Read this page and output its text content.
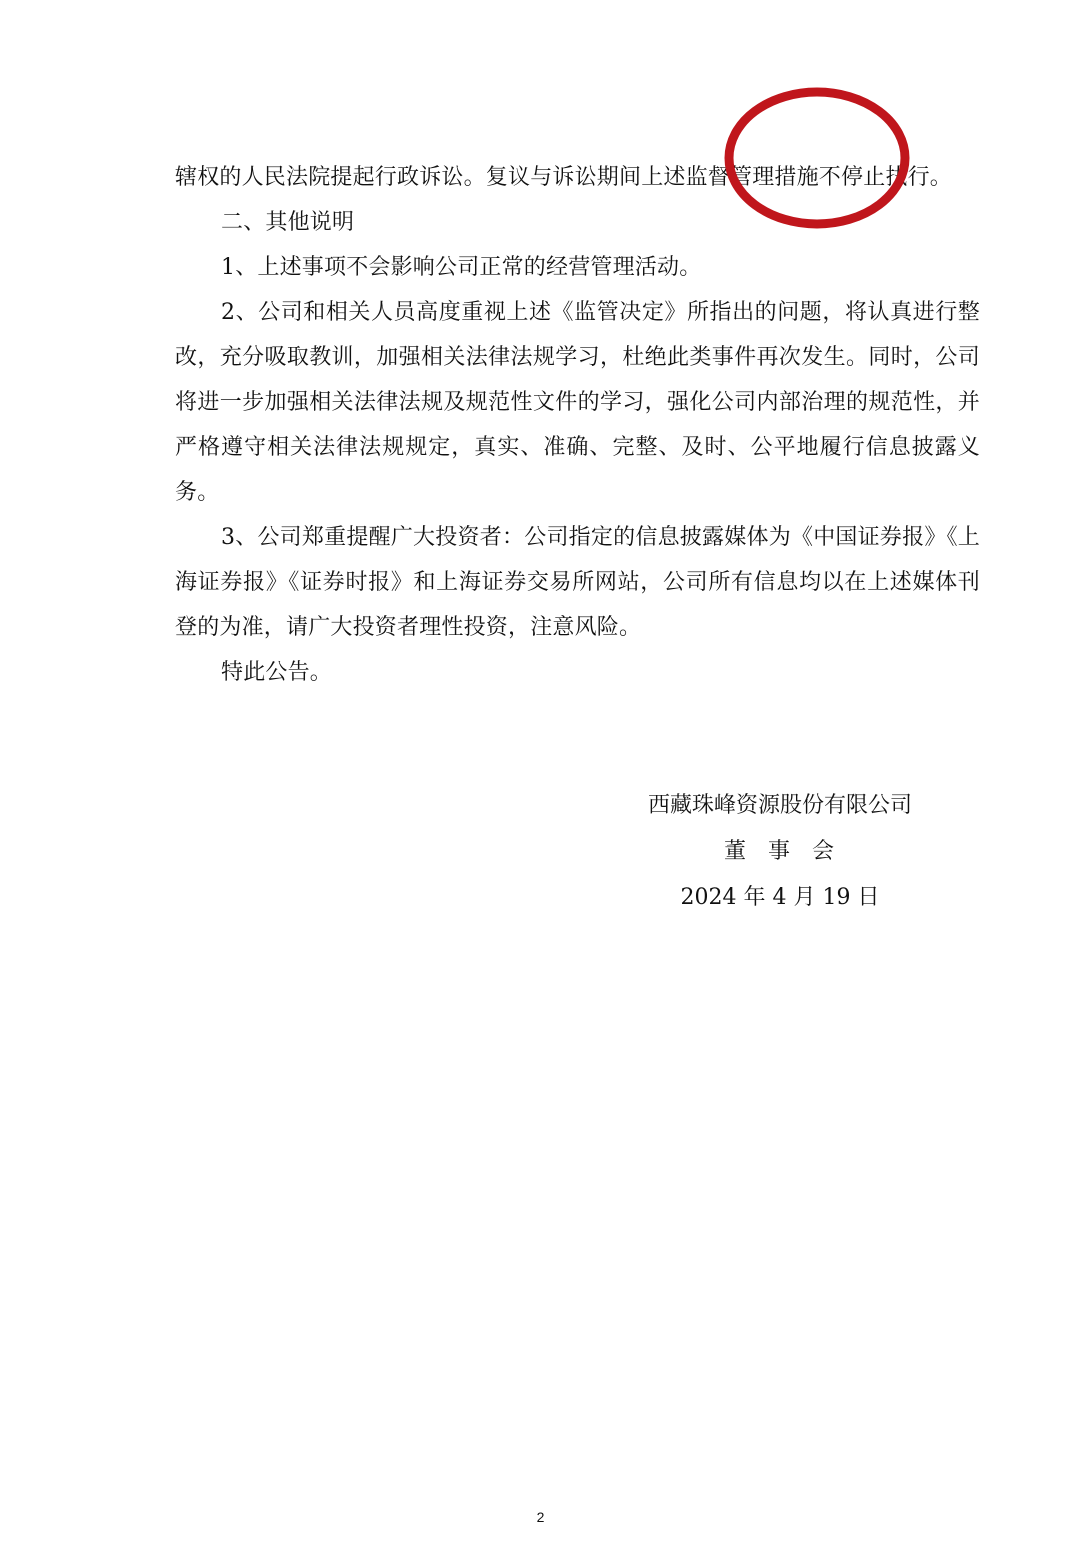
辖权的人民法院提起行政诉讼。复议与诉讼期间上述监督管理措施不停止执行。

二、其他说明

1、上述事项不会影响公司正常的经营管理活动。

2、公司和相关人员高度重视上述《监管决定》所指出的问题，将认真进行整改，充分吸取教训，加强相关法律法规学习，杜绝此类事件再次发生。同时，公司将进一步加强相关法律法规及规范性文件的学习，强化公司内部治理的规范性，并严格遵守相关法律法规规定，真实、准确、完整、及时、公平地履行信息披露义务。

3、公司郑重提醒广大投资者：公司指定的信息披露媒体为《中国证券报》《上海证券报》《证券时报》和上海证券交易所网站，公司所有信息均以在上述媒体刊登的为准，请广大投资者理性投资，注意风险。

特此公告。

西藏珠峰资源股份有限公司

董事会

2024 年 4 月 19 日

2
